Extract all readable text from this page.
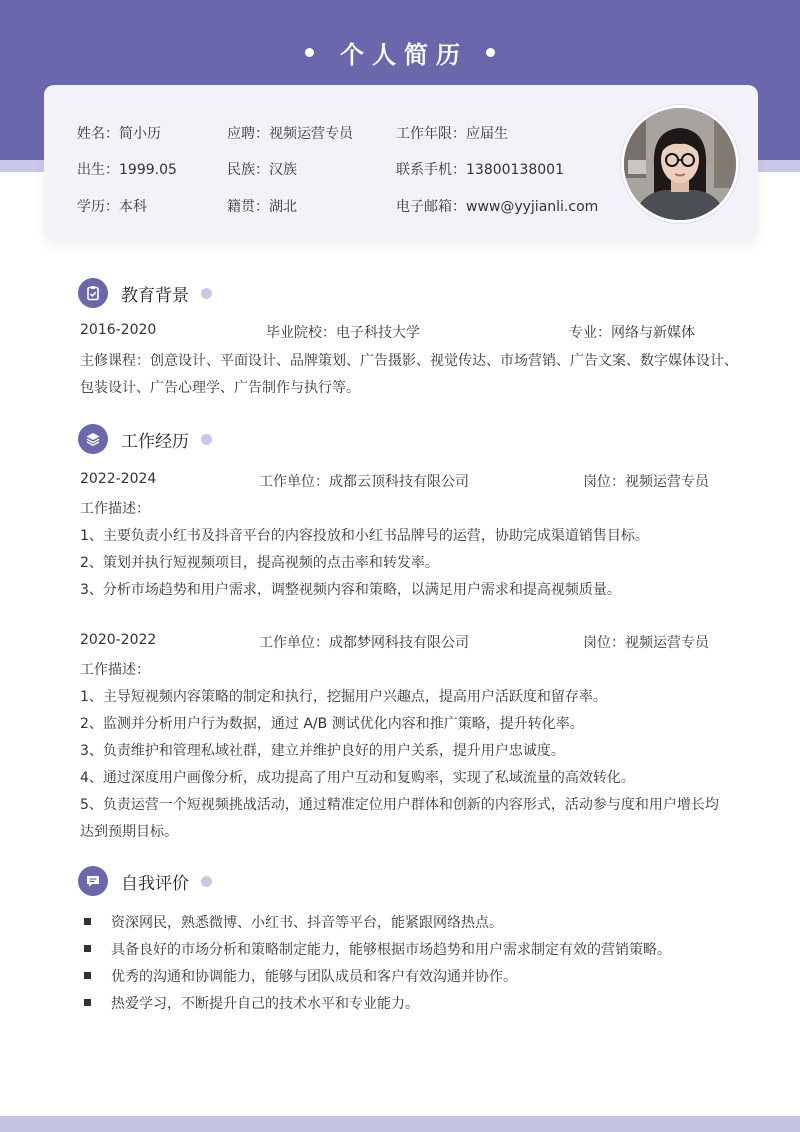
个人简历
姓名：简小历	应聘：视频运营专员	工作年限：应届生
出生：1999.05	民族：汉族	联系手机：13800138001
学历：本科	籍贯：湖北	电子邮箱：www@yyjianli.com
教育背景
2016-2020	毕业院校：电子科技大学	专业：网络与新媒体
主修课程：创意设计、平面设计、品牌策划、广告摄影、视觉传达、市场营销、广告文案、数字媒体设计、
包装设计、广告心理学、广告制作与执行等。
工作经历
2022-2024	工作单位：成都云顶科技有限公司	岗位：视频运营专员
工作描述：
1、主要负责小红书及抖音平台的内容投放和小红书品牌号的运营，协助完成渠道销售目标。
2、策划并执行短视频项目，提高视频的点击率和转发率。
3、分析市场趋势和用户需求，调整视频内容和策略，以满足用户需求和提高视频质量。
2020-2022	工作单位：成都梦网科技有限公司	岗位：视频运营专员
工作描述：
1、主导短视频内容策略的制定和执行，挖掘用户兴趣点，提高用户活跃度和留存率。
2、监测并分析用户行为数据，通过 A/B 测试优化内容和推广策略，提升转化率。
3、负责维护和管理私域社群，建立并维护良好的用户关系，提升用户忠诚度。
4、通过深度用户画像分析，成功提高了用户互动和复购率，实现了私域流量的高效转化。
5、负责运营一个短视频挑战活动，通过精准定位用户群体和创新的内容形式，活动参与度和用户增长均
达到预期目标。
自我评价
资深网民，熟悉微博、小红书、抖音等平台，能紧跟网络热点。
具备良好的市场分析和策略制定能力，能够根据市场趋势和用户需求制定有效的营销策略。
优秀的沟通和协调能力，能够与团队成员和客户有效沟通并协作。
热爱学习，不断提升自己的技术水平和专业能力。
